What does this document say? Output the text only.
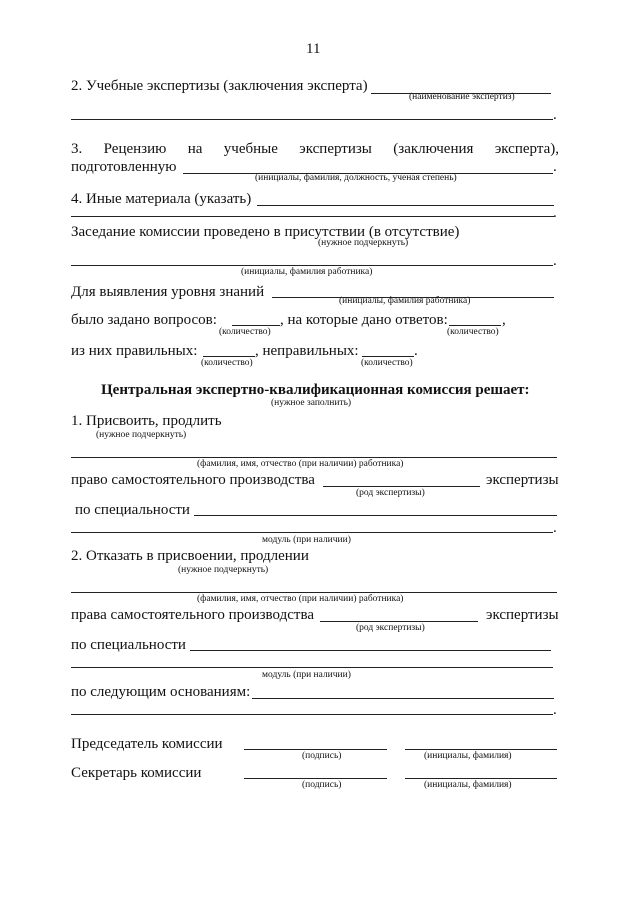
11
2. Учебные экспертизы (заключения эксперта)
(наименование экспертиз)
.
3. Рецензию на учебные экспертизы (заключения эксперта),
подготовленную	.
(инициалы, фамилия, должность, ученая степень)
4. Иные материала (указать)
.
Заседание комиссии проведено в присутствии (в отсутствие)
(нужное подчеркнуть)
.
(инициалы, фамилия работника)
Для выявления уровня знаний
(инициалы, фамилия работника)
было задано вопросов:	, на которые дано ответов:	,
(количество)	(количество)
из них правильных:	, неправильных:	.
(количество)	(количество)
Центральная экспертно-квалификационная комиссия решает:
(нужное заполнить)
1. Присвоить, продлить
(нужное подчеркнуть)
(фамилия, имя, отчество (при наличии) работника)
право самостоятельного производства	экспертизы
(род экспертизы)
по специальности
.
модуль (при наличии)
2. Отказать в присвоении, продлении
(нужное подчеркнуть)
(фамилия, имя, отчество (при наличии) работника)
права самостоятельного производства	экспертизы
(род экспертизы)
по специальности
модуль (при наличии)
по следующим основаниям:
.
Председатель комиссии
(подпись)	(инициалы, фамилия)
Секретарь комиссии
(подпись)	(инициалы, фамилия)
